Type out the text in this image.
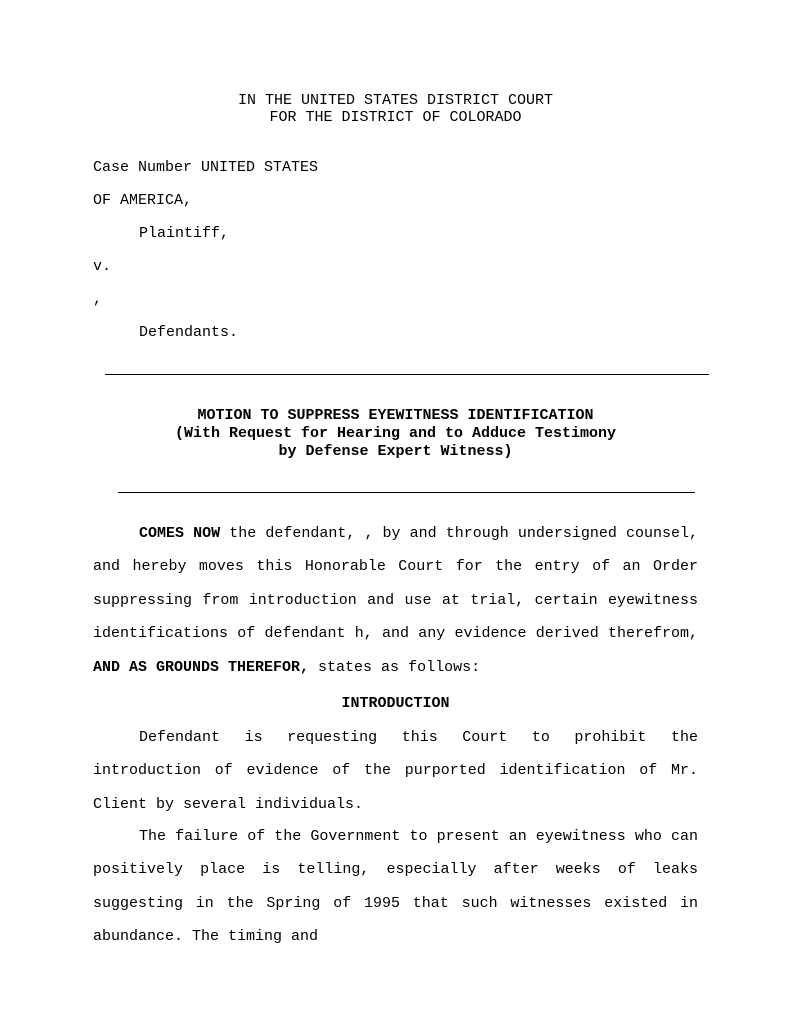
IN THE UNITED STATES DISTRICT COURT
FOR THE DISTRICT OF COLORADO
Case Number UNITED STATES
OF AMERICA,
Plaintiff,
v.
,
Defendants.
MOTION TO SUPPRESS EYEWITNESS IDENTIFICATION
(With Request for Hearing and to Adduce Testimony
by Defense Expert Witness)
COMES NOW the defendant, , by and through undersigned counsel, and hereby moves this Honorable Court for the entry of an Order suppressing from introduction and use at trial, certain eyewitness identifications of defendant h, and any evidence derived therefrom, AND AS GROUNDS THEREFOR, states as follows:
INTRODUCTION
Defendant is requesting this Court to prohibit the introduction of evidence of the purported identification of Mr. Client by several individuals.
The failure of the Government to present an eyewitness who can positively place is telling, especially after weeks of leaks suggesting in the Spring of 1995 that such witnesses existed in abundance. The timing and
